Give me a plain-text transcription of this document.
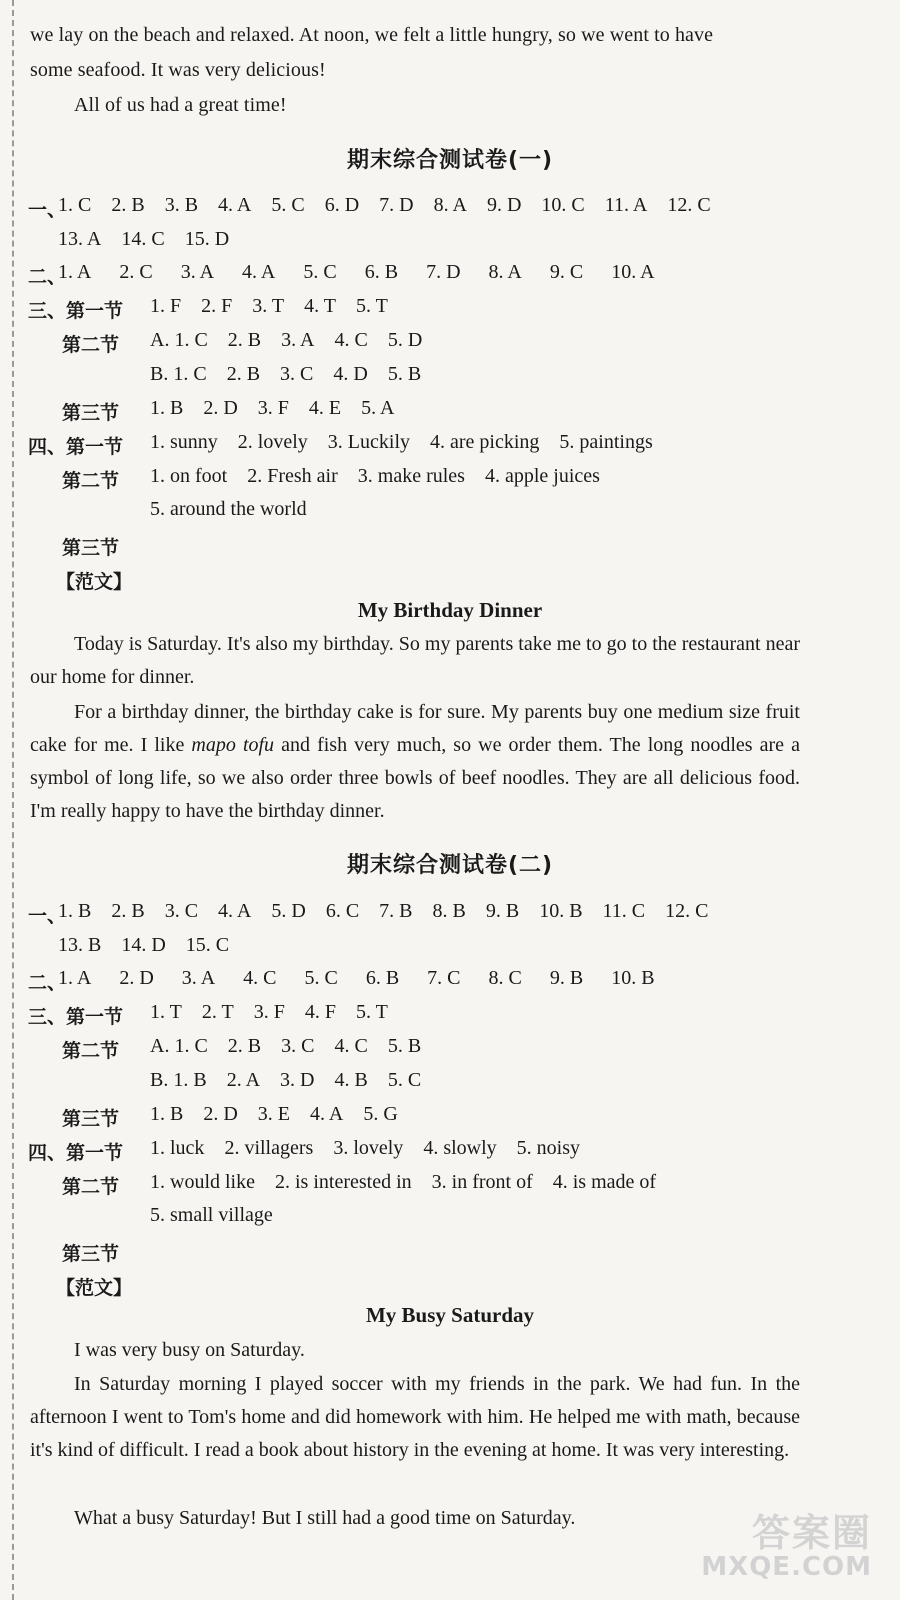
we lay on the beach and relaxed. At noon, we felt a little hungry, so we went to have
some seafood. It was very delicious!
All of us had a great time!
期末综合测试卷(一)
一、
1. C 2. B 3. B 4. A 5. C 6. D 7. D 8. A 9. D 10. C 11. A 12. C
13. A 14. C 15. D
二、
1. A 2. C 3. A 4. A 5. C 6. B 7. D 8. A 9. C 10. A
三、第一节 1. F 2. F 3. T 4. T 5. T
第二节 A. 1. C 2. B 3. A 4. C 5. D
B. 1. C 2. B 3. C 4. D 5. B
第三节 1. B 2. D 3. F 4. E 5. A
四、第一节 1. sunny 2. lovely 3. Luckily 4. are picking 5. paintings
第二节 1. on foot 2. Fresh air 3. make rules 4. apple juices
5. around the world
第三节
【范文】
My Birthday Dinner
Today is Saturday. It's also my birthday. So my parents take me to go to the restaurant near our home for dinner.
For a birthday dinner, the birthday cake is for sure. My parents buy one medium size fruit cake for me. I like mapo tofu and fish very much, so we order them. The long noodles are a symbol of long life, so we also order three bowls of beef noodles. They are all delicious food. I'm really happy to have the birthday dinner.
期末综合测试卷(二)
一、
1. B 2. B 3. C 4. A 5. D 6. C 7. B 8. B 9. B 10. B 11. C 12. C
13. B 14. D 15. C
二、
1. A 2. D 3. A 4. C 5. C 6. B 7. C 8. C 9. B 10. B
三、第一节 1. T 2. T 3. F 4. F 5. T
第二节 A. 1. C 2. B 3. C 4. C 5. B
B. 1. B 2. A 3. D 4. B 5. C
第三节 1. B 2. D 3. E 4. A 5. G
四、第一节 1. luck 2. villagers 3. lovely 4. slowly 5. noisy
第二节 1. would like 2. is interested in 3. in front of 4. is made of
5. small village
第三节
【范文】
My Busy Saturday
I was very busy on Saturday.
In Saturday morning I played soccer with my friends in the park. We had fun. In the afternoon I went to Tom's home and did homework with him. He helped me with math, because it's kind of difficult. I read a book about history in the evening at home. It was very interesting.
What a busy Saturday! But I still had a good time on Saturday.	答案圈
MXQE.COM
